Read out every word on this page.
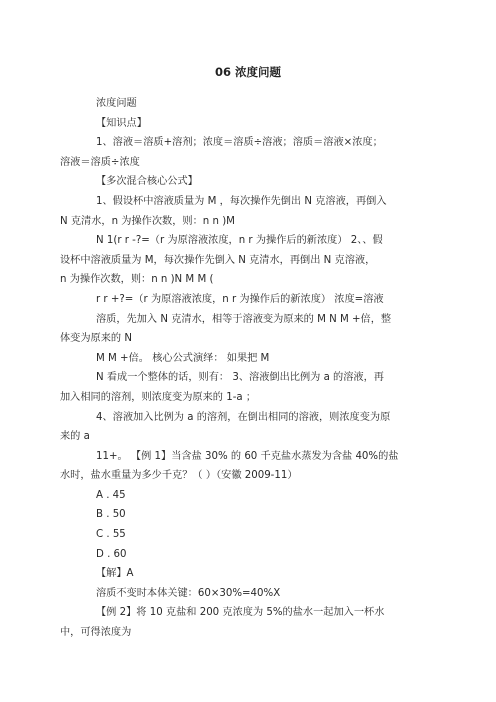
06 浓度问题

浓度问题

【知识点】

1、溶液＝溶质+溶剂；浓度＝溶质÷溶液；溶质＝溶液×浓度；

溶液＝溶质÷浓度

【多次混合核心公式】

1、假设杯中溶液质量为 M ，每次操作先倒出 N 克溶液，再倒入

N 克清水，n 为操作次数，则：n n )M

N 1(r r -?=（r 为原溶液浓度，n r 为操作后的新浓度） 2、、假

设杯中溶液质量为 M，每次操作先倒入 N 克清水，再倒出 N 克溶液，

n 为操作次数，则：n n )N M M (

r r +?=（r 为原溶液浓度，n r 为操作后的新浓度） 浓度=溶液

溶质，先加入 N 克清水，相等于溶液变为原来的 M N M +倍，整

体变为原来的 N

M M +倍。 核心公式演绎： 如果把 M

N 看成一个整体的话，则有： 3、溶液倒出比例为 a 的溶液，再

加入相同的溶剂，则浓度变为原来的 1-a ；

4、溶液加入比例为 a 的溶剂，在倒出相同的溶液，则浓度变为原

来的 a

11+。 【例 1】当含盐 30% 的 60 千克盐水蒸发为含盐 40%的盐

水时，盐水重量为多少千克？（ ）（安徽 2009-11）

A . 45

B . 50

C . 55

D . 60

【解】A

溶质不变时本体关键：60×30%=40%X

【例 2】将 10 克盐和 200 克浓度为 5%的盐水一起加入一杯水

中，可得浓度为
